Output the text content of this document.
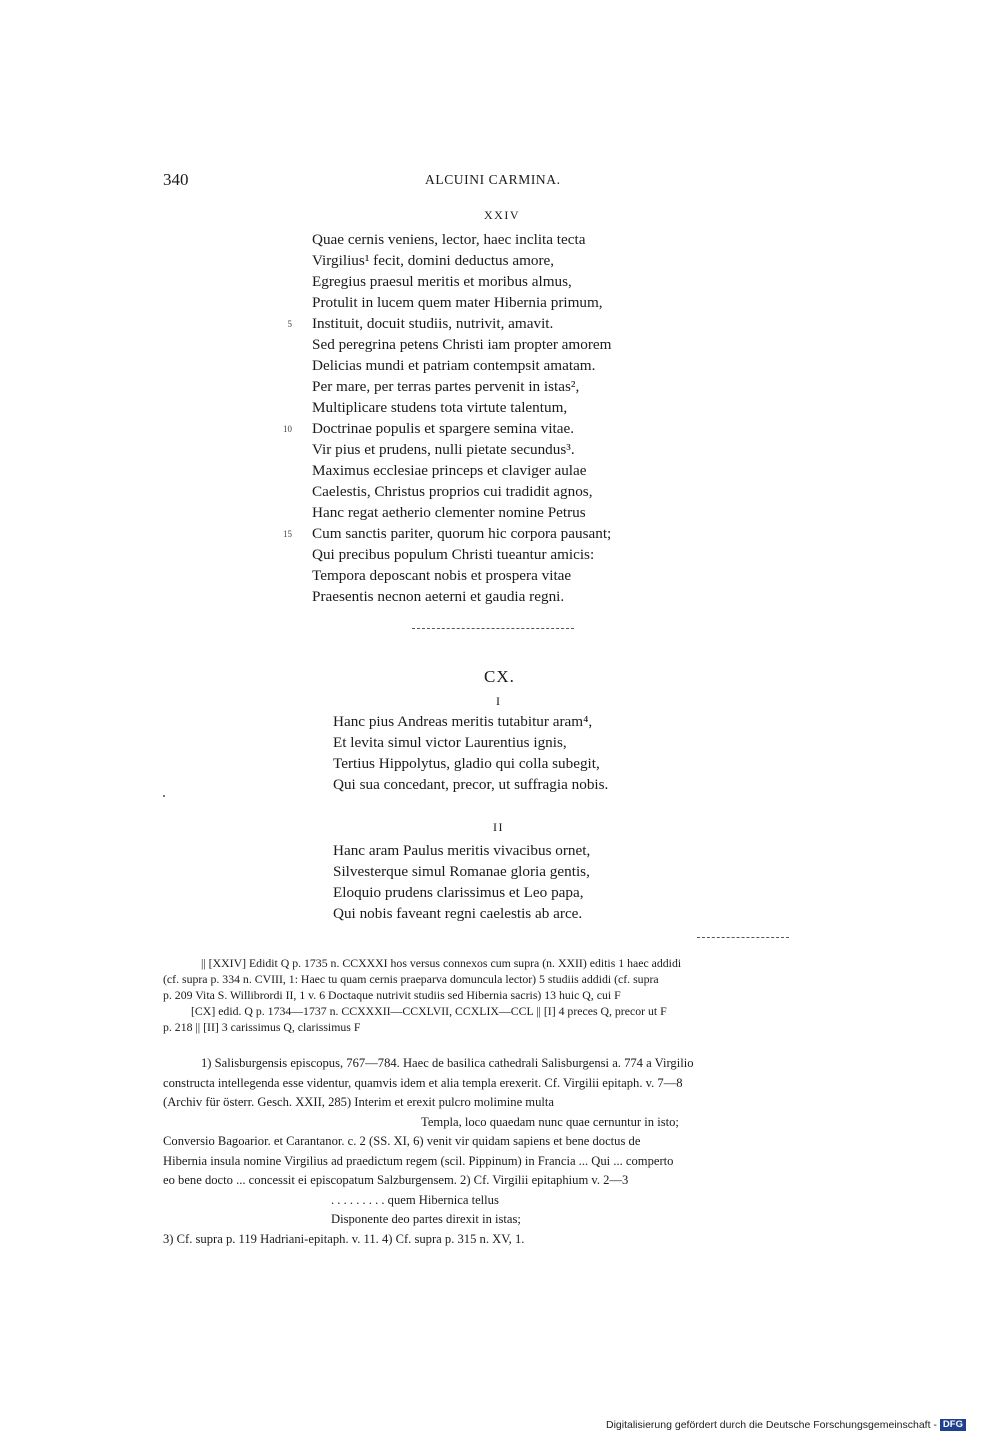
340	ALCUINI CARMINA.
XXIV
Quae cernis veniens, lector, haec inclita tecta
Virgilius¹ fecit, domini deductus amore,
Egregius praesul meritis et moribus almus,
Protulit in lucem quem mater Hibernia primum,
5 Instituit, docuit studiis, nutrivit, amavit.
Sed peregrina petens Christi iam propter amorem
Delicias mundi et patriam contempsit amatam.
Per mare, per terras partes pervenit in istas²,
Multiplicare studens tota virtute talentum,
10 Doctrinae populis et spargere semina vitae.
Vir pius et prudens, nulli pietate secundus³.
Maximus ecclesiae princeps et claviger aulae
Caelestis, Christus proprios cui tradidit agnos,
Hanc regat aetherio clementer nomine Petrus
15 Cum sanctis pariter, quorum hic corpora pausant;
Qui precibus populum Christi tueantur amicis:
Tempora deposcant nobis et prospera vitae
Praesentis necnon aeterni et gaudia regni.
CX.
I
Hanc pius Andreas meritis tutabitur aram⁴,
Et levita simul victor Laurentius ignis,
Tertius Hippolytus, gladio qui colla subegit,
Qui sua concedant, precor, ut suffragia nobis.
II
Hanc aram Paulus meritis vivacibus ornet,
Silvesterque simul Romanae gloria gentis,
Eloquio prudens clarissimus et Leo papa,
Qui nobis faveant regni caelestis ab arce.
|| [XXIV] Edidit Q p. 1735 n. CCXXXI hos versus connexos cum supra (n. XXII) editis 1 haec addidi
(cf. supra p. 334 n. CVIII, 1: Haec tu quam cernis praeparva domuncula lector) 5 studiis addidi (cf. supra
p. 209 Vita S. Willibrordi II, 1 v. 6 Doctaque nutrivit studiis sed Hibernia sacris) 13 huic Q, cui F
[CX] edid. Q p. 1734—1737 n. CCXXXII—CCXLVII, CCXLIX—CCL || [I] 4 preces Q, precor ut F
p. 218 || [II] 3 carissimus Q, clarissimus F
1) Salisburgensis episcopus, 767—784. Haec de basilica cathedrali Salisburgensi a. 774 a Virgilio
constructa intellegenda esse videntur, quamvis idem et alia templa erexerit. Cf. Virgilii epitaph. v. 7—8
(Archiv für österr. Gesch. XXII, 285) Interim et erexit pulcro molimine multa
Templa, loco quaedam nunc quae cernuntur in isto;
Conversio Bagoarior. et Carantanor. c. 2 (SS. XI, 6) venit vir quidam sapiens et bene doctus de
Hibernia insula nomine Virgilius ad praedictum regem (scil. Pippinum) in Francia ... Qui ... comperto
eo bene docto ... concessit ei episcopatum Salzburgensem. 2) Cf. Virgilii epitaphium v. 2—3
. . . . . . . . . quem Hibernica tellus
Disponente deo partes direxit in istas;
3) Cf. supra p. 119 Hadriani-epitaph. v. 11. 4) Cf. supra p. 315 n. XV, 1.
Digitalisierung gefördert durch die Deutsche Forschungsgemeinschaft - DFG
